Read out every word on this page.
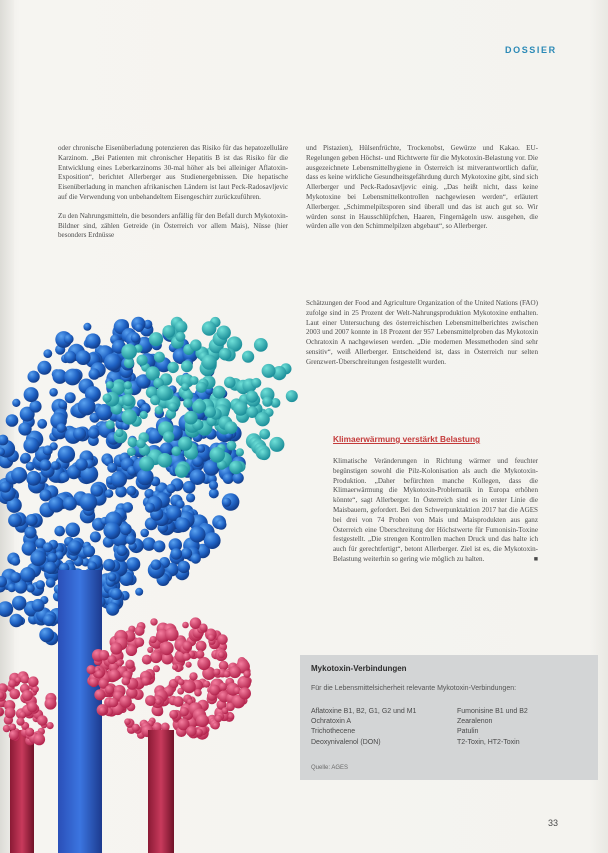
DOSSIER

oder chronische Eisenüberladung potenzieren das Risiko für das hepatozelluläre Karzinom. „Bei Patienten mit chronischer Hepatitis B ist das Risiko für die Entwicklung eines Leberkarzinoms 30-mal höher als bei alleiniger Aflatoxin-Exposition“, berichtet Allerberger aus Studienergebnissen. Die hepatische Eisenüberladung in manchen afrikanischen Ländern ist laut Peck-Radosavljevic auf die Verwendung von unbehandeltem Eisengeschirr zurückzuführen.

Zu den Nahrungsmitteln, die besonders anfällig für den Befall durch Mykotoxin-Bildner sind, zählen Getreide (in Österreich vor allem Mais), Nüsse (hier besonders Erdnüsse

und Pistazien), Hülsenfrüchte, Trockenobst, Gewürze und Kakao. EU-Regelungen geben Höchst- und Richtwerte für die Mykotoxin-Belastung vor. Die ausgezeichnete Lebensmittelhygiene in Österreich ist mitverantwortlich dafür, dass es keine wirkliche Gesundheitsgefährdung durch Mykotoxine gibt, sind sich Allerberger und Peck-Radosavljevic einig. „Das heißt nicht, dass keine Mykotoxine bei Lebensmittelkontrollen nachgewiesen werden“, erläutert Allerberger. „Schimmelpilzsporen sind überall und das ist auch gut so. Wir würden sonst in Hausschlüpfchen, Haaren, Fingernägeln usw. ausgehen, die würden alle von den Schimmelpilzen abgebaut“, so Allerberger.

Schätzungen der Food and Agriculture Organization of the United Nations (FAO) zufolge sind in 25 Prozent der Welt-Nahrungsproduktion Mykotoxine enthalten. Laut einer Untersuchung des österreichischen Lebensmittelberichtes zwischen 2003 und 2007 konnte in 18 Prozent der 957 Lebensmittelproben das Mykotoxin Ochratoxin A nachgewiesen werden. „Die modernen Messmethoden sind sehr sensitiv“, weiß Allerberger. Entscheidend ist, dass in Österreich nur selten Grenzwert-Überschreitungen festgestellt wurden.

Klimaerwärmung verstärkt Belastung

Klimatische Veränderungen in Richtung wärmer und feuchter begünstigen sowohl die Pilz-Kolonisation als auch die Mykotoxin-Produktion. „Daher befürchten manche Kollegen, dass die Klimaerwärmung die Mykotoxin-Problematik in Europa erhöhen könnte“, sagt Allerberger. In Österreich sind es in erster Linie die Maisbauern, gefordert. Bei den Schwerpunktaktion 2017 hat die AGES bei drei von 74 Proben von Mais und Maisprodukten aus ganz Österreich eine Überschreitung der Höchstwerte für Fumonisin-Toxine festgestellt. „Die strengen Kontrollen machen Druck und das halte ich auch für gerechtfertigt“, betont Allerberger. Ziel ist es, die Mykotoxin-Belastung weiterhin so gering wie möglich zu halten.	■

Mykotoxin-Verbindungen
Für die Lebensmittelsicherheit relevante Mykotoxin-Verbindungen:
Aflatoxine B1, B2, G1, G2 und M1
Ochratoxin A
Trichothecene
Deoxynivalenol (DON)
Fumonisine B1 und B2
Zearalenon
Patulin
T2-Toxin, HT2-Toxin
Quelle: AGES
33
